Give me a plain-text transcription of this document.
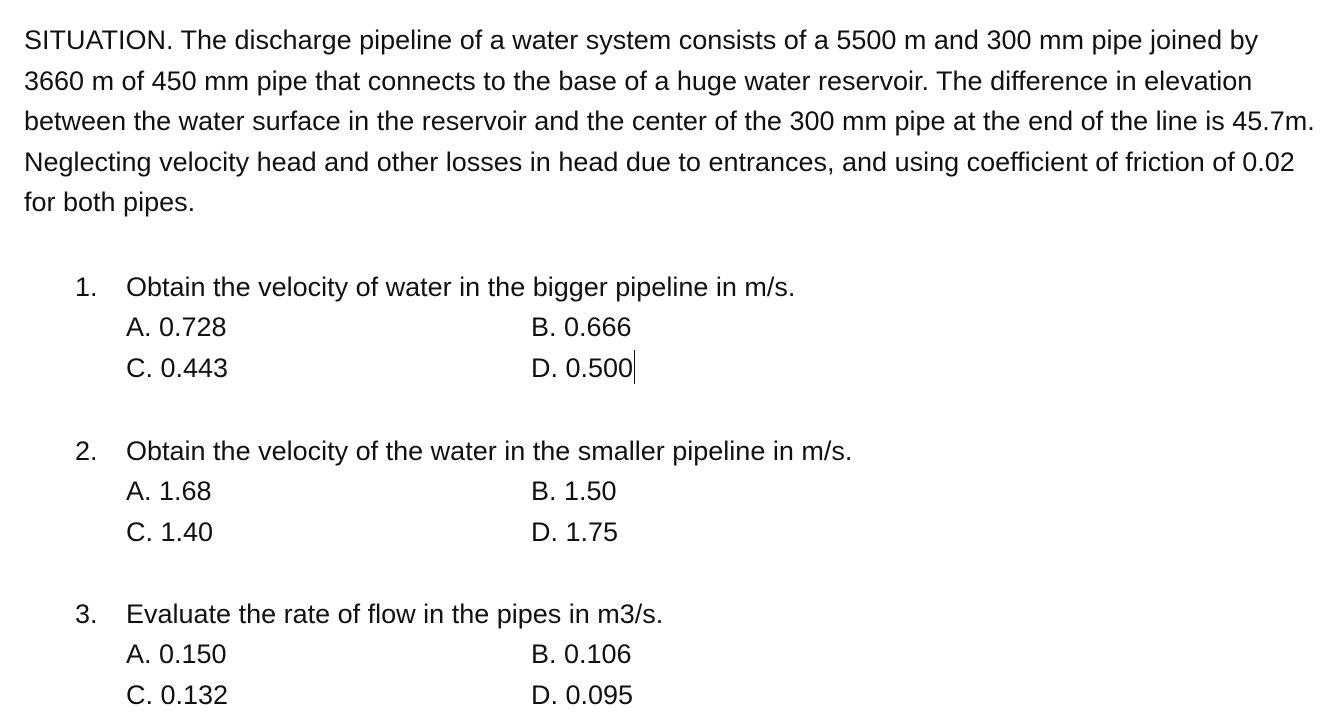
SITUATION. The discharge pipeline of a water system consists of a 5500 m and 300 mm pipe joined by 3660 m of 450 mm pipe that connects to the base of a huge water reservoir. The difference in elevation between the water surface in the reservoir and the center of the 300 mm pipe at the end of the line is 45.7m. Neglecting velocity head and other losses in head due to entrances, and using coefficient of friction of 0.02 for both pipes.

1. Obtain the velocity of water in the bigger pipeline in m/s.
A. 0.728	B. 0.666
C. 0.443	D. 0.500
2. Obtain the velocity of the water in the smaller pipeline in m/s.
A. 1.68	B. 1.50
C. 1.40	D. 1.75
3. Evaluate the rate of flow in the pipes in m3/s.
A. 0.150	B. 0.106
C. 0.132	D. 0.095
